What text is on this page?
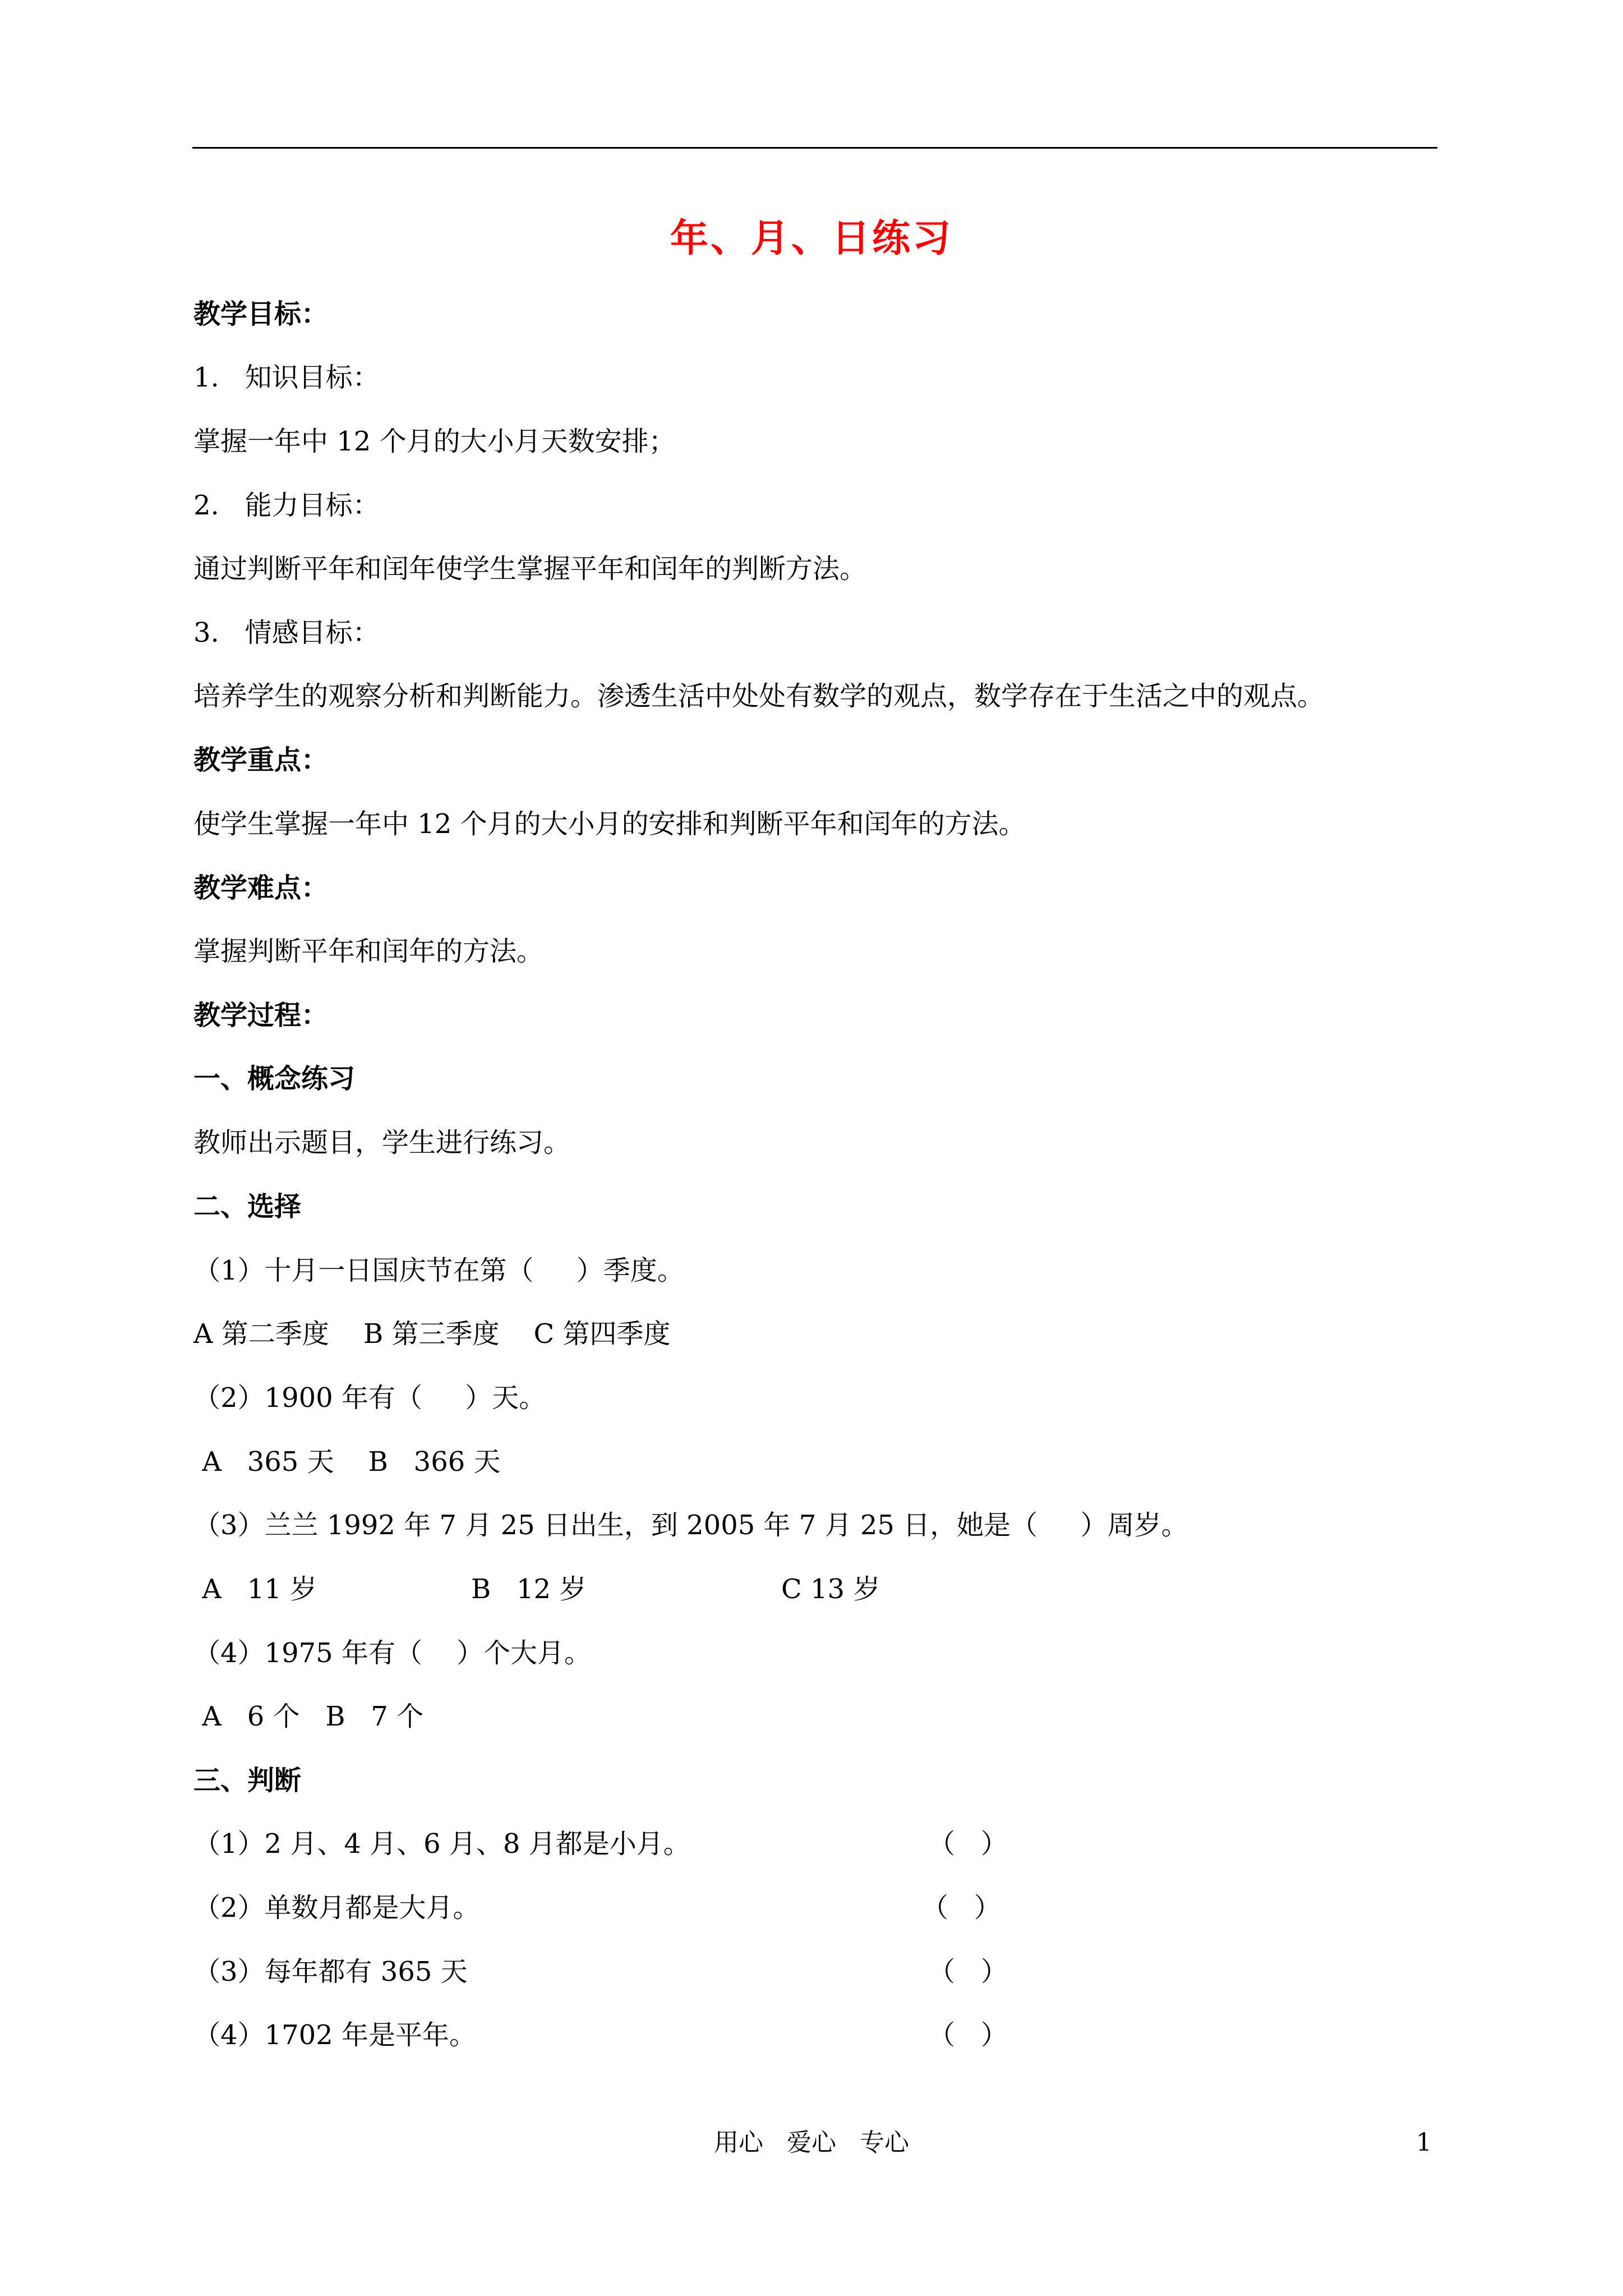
年、月、日练习
教学目标：
1.   知识目标：
掌握一年中 12 个月的大小月天数安排；
2.   能力目标：
通过判断平年和闰年使学生掌握平年和闰年的判断方法。
3.   情感目标：
培养学生的观察分析和判断能力。渗透生活中处处有数学的观点，数学存在于生活之中的观点。
教学重点：
使学生掌握一年中 12 个月的大小月的安排和判断平年和闰年的方法。
教学难点：
掌握判断平年和闰年的方法。
教学过程：
一、概念练习
教师出示题目，学生进行练习。
二、选择
（1）十月一日国庆节在第（     ）季度。
A 第二季度    B 第三季度    C 第四季度
（2）1900 年有（     ）天。
A   365 天    B   366 天
（3）兰兰 1992 年 7 月 25 日出生，到 2005 年 7 月 25 日，她是（     ）周岁。
A   11 岁	B   12 岁	C 13 岁
（4）1975 年有（    ）个大月。
A   6 个   B   7 个
三、判断
（1）2 月、4 月、6 月、8 月都是小月。	（   ）
（2）单数月都是大月。	（   ）
（3）每年都有 365 天	（   ）
（4）1702 年是平年。	（   ）
用心   爱心   专心	1
